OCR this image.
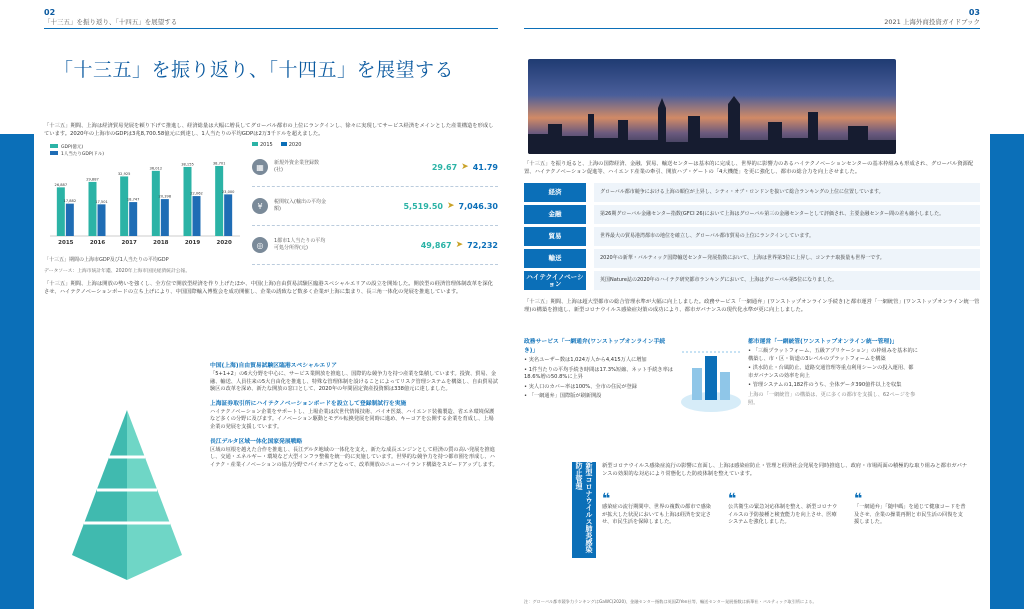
02
「十三五」を振り返り、「十四五」を展望する
「十三五」を振り返り、「十四五」を展望する
「十三五」期間、上海は経済貿易発展を頼り下げて推進し、経済総量は大幅に増長してグローバル都市の上位にランクインし、徐々に実現してサービス経済をメインとした産業構造を形成しています。2020年の上海市のGDPは3兆8,700.58億元に到達し、1人当たりの平均GDPは2万3千ドルを超えました。
GDP(億元)
1人当たりGDP(ドル)
26,887
17,882
2015
29,887
17,501
2016
32,925
18,747
2017
36,012
20,398
2018
38,155
22,062
2019
38,701
23,000
2020
「十三五」期間の上海市GDP及び1人当たりの平均GDP
2015	2020
▦	新規外資企業登録数(社)	29.67 ➤ 41.79
¥	税関収入(輸出の平均金額)	5,519.50 ➤ 7,046.30
◎	1都市1人当たりの平均可処分所得(元)	49,867 ➤ 72,232
データソース：上海市統計年鑑、2020年上海市国民経済統計公報。
「十三五」期間、上海は開放の勢いを強くし、全方位で開放型経済を作り上げたほか、中国(上海)自由貿易試験区臨港スペシャルエリアの設立を開始した。開放型の経済管理体制改革を深化させ、ハイテクノベーションボードの立ち上げにより、中国国際輸入博覧会を成功開催し、企業の誘致など数多く企業が上海に集まり、長三角一体化の発展を推進しています。
中国(上海)自由貿易試験区臨港スペシャルエリア
「5+1+2」の6大分野を中心に、サービス業開放を推進し、国際的な競争力を持つ産業を集積しています。投資、貿易、金融、輸送、人員往来の5大自由化を推進し、特殊な管理体制を設けることによってリスク管理システムを構築し、自由貿易試験区の改革を深め、新たな開放の窓口として、2020年の年間固定資産投資額は338億元に達しました。
上海証券取引所にハイテクノベーションボードを設立して登録制試行を実施
ハイテクノベーション企業をサポートし、上場企業は次世代情報技術、バイオ医薬、ハイエンド装備製造、省エネ環境保護など多くの分野に及びます。イノベーション駆動とモデル転換発展を同時に進め、キーコアを公開する企業を育成し、上場企業の発展を支援しています。
長江デルタ区域一体化国家発展戦略
区域の垣根を越えた合作を推進し、長江デルタ地域の一体化を支え、新たな成長エンジンとして経済の質の高い発展を推進し、交通・エネルギー・環境など大型インフラ整備を統一的に実施しています。世界的な競争力を持つ都市圏を形成し、ハイテク・産業イノベーションの協力分野でパイオニアとなって、改革開放のニューハイランド構築をスピードアップします。
03
2021 上海外商投資ガイドブック
「十三五」を振り返ると、上海の国際経済、金融、貿易、輸送センターは基本的に完成し、世界的に影響力のあるハイテクノベーションセンターの基本枠組みも形成され、グローバル資源配置、ハイテクノベーション促進等、ハイエンド産業の牽引、開放ハブ・ゲートの「4大機能」を更に強化し、都市の総合力を向上させました。
経済	グローバル都市競争における上海の順位が上昇し、シティ・オブ・ロンドンを抜いて総合ランキングの上位に位置しています。
金融	第26期グローバル金融センター指数(GFCI 26)において上海はグローバル第三の金融センターとして評価され、主要金融センター間の差も縮小しました。
貿易	世界最大の貿易港湾都市の地位を確立し、グローバル都市貿易の上位にランクインしています。
輸送	2020年の新華・バルティック国際輸送センター発展指数において、上海は世界第3位に上昇し、コンテナ取扱量も世界一です。
ハイテクイノベーション	英国Nature誌の2020年のハイテク研究都市ランキングにおいて、上海はグローバル第5位になりました。
「十三五」期間、上海は超大型都市の総合管理水準が大幅に向上しました。政務サービス「一網通弁」(ワンストップオンライン手続き)と都市運営「一網統管」(ワンストップオンライン統一管理)の構築を推進し、新型コロナウイルス感染症対策の成功により、都市ガバナンスの現代化水準が更に向上しました。
政務サービス「一網通弁(ワンストップオンライン手続き)」
• 実名ユーザー数は1,024万人から4,415万人に増加
• 1件当たりの平均手続き時間は17.3%短縮、ネット手続き率は18.6%増の50.8%に上昇
• 実人口のカバー率は100%、全市の住民が登録
• 「一網通弁」国際版が刷新開設
都市運営「一網統管(ワンストップオンライン統一管理)」
• 「三級プラットフォーム、五級アプリケーション」の枠組みを基本的に構築し、市・区・街道の3レベルのプラットフォームを構築
• 洪水防止・台風防止、道路交通管理等重点利用シーンの投入運用、都市ガバナンスの効率を向上
• 管理システムの1,182件のうち、全体データ390億件以上を収集
上海の「一網統管」の構築は、更に多くの都市を支援し、62ページを参照。
注：グローバル都市競争力ランキングはGaWC(2020)、金融センター指数は英国Z/Yen社等、輸送センター発展指数は新華社・バルティック取引所による。
新型コロナウイルス肺炎感染防止管理	新型コロナウイルス感染症流行の影響に直面し、上海は感染症防止・管理と経済社会発展を同時推進し、政府・市場両面の積極的な取り組みと都市ガバナンスの効果的な対応により常態化した防疫体制を整えています。
❝
感染症の流行期間中、世界の複数の都市で感染が拡大した状況においても上海は経済を安定させ、市民生活を保障しました。
❝
公共衛生の緊急対応体制を整え、新型コロナウイルスの予防接種と検査能力を向上させ、医療システムを強化しました。
❝
「一網通弁」「随申碼」を通じて健康コードを普及させ、企業の操業再開と市民生活の回復を支援しました。
